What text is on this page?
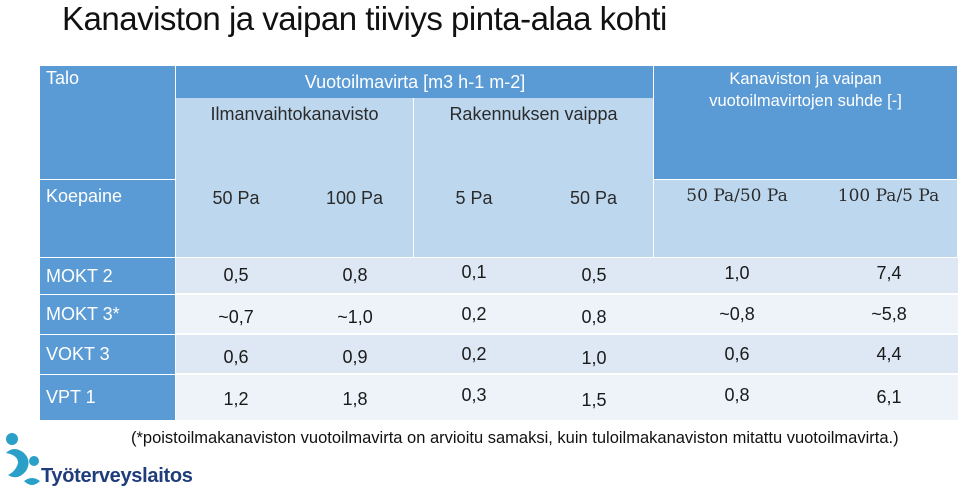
Kanaviston ja vaipan tiiviys pinta-alaa kohti
Talo	Vuotoilmavirta [m3 h-1 m-2]
Ilmanvaihtokanavisto	Rakennuksen vaippa
Kanaviston ja vaipan
vuotoilmavirtojen suhde [-]
Koepaine	50 Pa	100 Pa	5 Pa	50 Pa	50 Pa/50 Pa	100 Pa/5 Pa
MOKT 2	0,5	0,8	0,1	0,5	1,0	7,4
MOKT 3*	~0,7	~1,0	0,2	0,8	~0,8	~5,8
VOKT 3	0,6	0,9	0,2	1,0	0,6	4,4
VPT 1	1,2	1,8	0,3	1,5	0,8	6,1
(*poistoilmakanaviston vuotoilmavirta on arvioitu samaksi, kuin tuloilmakanaviston mitattu vuotoilmavirta.)
Työterveyslaitos
